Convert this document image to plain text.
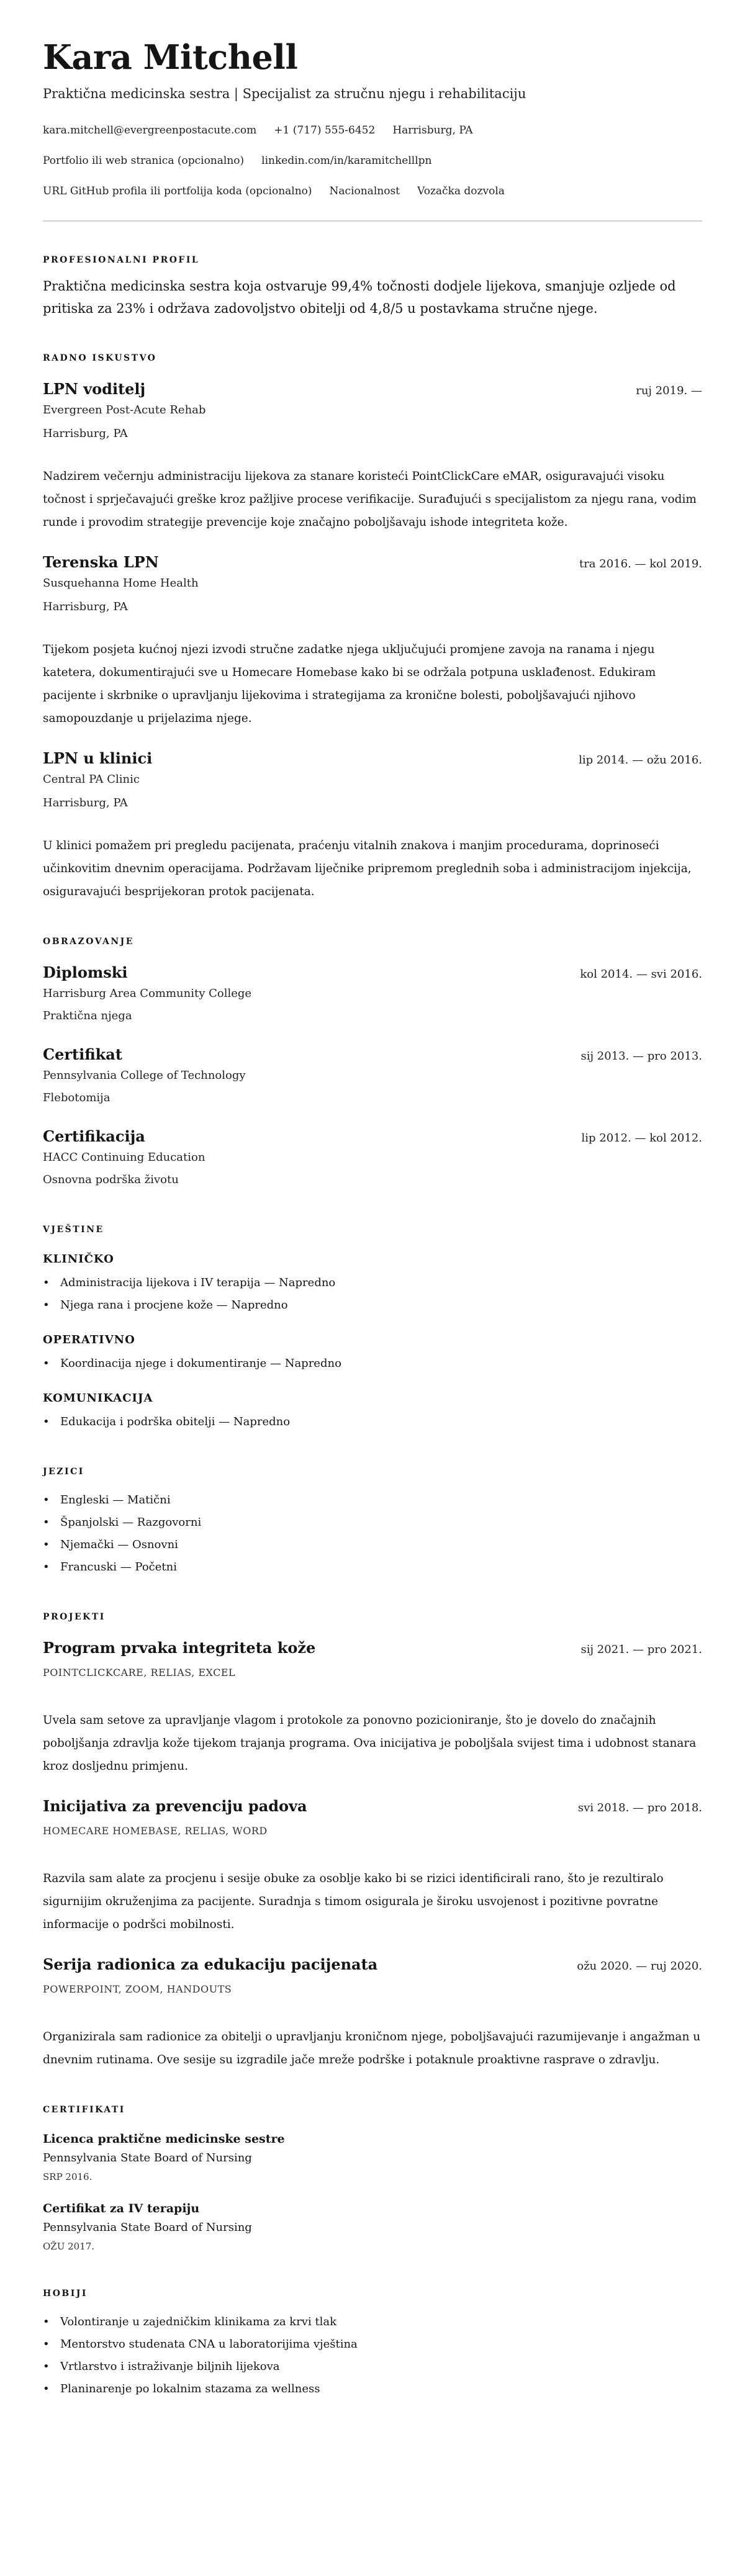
Kara Mitchell
Praktična medicinska sestra | Specijalist za stručnu njegu i rehabilitaciju
kara.mitchell@evergreenpostacute.com +1 (717) 555-6452 Harrisburg, PA
Portfolio ili web stranica (opcionalno) linkedin.com/in/karamitchelllpn
URL GitHub profila ili portfolija koda (opcionalno) Nacionalnost Vozačka dozvola
PROFESIONALNI PROFIL

Praktična medicinska sestra koja ostvaruje 99,4% točnosti dodjele lijekova, smanjuje ozljede od pritiska za 23% i održava zadovoljstvo obitelji od 4,8/5 u postavkama stručne njege.

RADNO ISKUSTVO
LPN voditelj	ruj 2019. —
Evergreen Post-Acute Rehab
Harrisburg, PA
Nadzirem večernju administraciju lijekova za stanare koristeći PointClickCare eMAR, osiguravajući visoku točnost i sprječavajući greške kroz pažljive procese verifikacije. Surađujući s specijalistom za njegu rana, vodim runde i provodim strategije prevencije koje značajno poboljšavaju ishode integriteta kože.
Terenska LPN	tra 2016. — kol 2019.
Susquehanna Home Health
Harrisburg, PA
Tijekom posjeta kućnoj njezi izvodi stručne zadatke njega uključujući promjene zavoja na ranama i njegu katetera, dokumentirajući sve u Homecare Homebase kako bi se održala potpuna usklađenost. Edukiram pacijente i skrbnike o upravljanju lijekovima i strategijama za kronične bolesti, poboljšavajući njihovo samopouzdanje u prijelazima njege.
LPN u klinici	lip 2014. — ožu 2016.
Central PA Clinic
Harrisburg, PA
U klinici pomažem pri pregledu pacijenata, praćenju vitalnih znakova i manjim procedurama, doprinoseći učinkovitim dnevnim operacijama. Podržavam liječnike pripremom preglednih soba i administracijom injekcija, osiguravajući besprijekoran protok pacijenata.
OBRAZOVANJE
Diplomski	kol 2014. — svi 2016.
Harrisburg Area Community College
Praktična njega
Certifikat	sij 2013. — pro 2013.
Pennsylvania College of Technology
Flebotomija
Certifikacija	lip 2012. — kol 2012.
HACC Continuing Education
Osnovna podrška životu
VJEŠTINE
KLINIČKO
• Administracija lijekova i IV terapija — Napredno
• Njega rana i procjene kože — Napredno
OPERATIVNO
• Koordinacija njege i dokumentiranje — Napredno
KOMUNIKACIJA
• Edukacija i podrška obitelji — Napredno
JEZICI
• Engleski — Matični
• Španjolski — Razgovorni
• Njemački — Osnovni
• Francuski — Početni
PROJEKTI
Program prvaka integriteta kože	sij 2021. — pro 2021.
POINTCLICKCARE, RELIAS, EXCEL
Uvela sam setove za upravljanje vlagom i protokole za ponovno pozicioniranje, što je dovelo do značajnih poboljšanja zdravlja kože tijekom trajanja programa. Ova inicijativa je poboljšala svijest tima i udobnost stanara kroz dosljednu primjenu.
Inicijativa za prevenciju padova	svi 2018. — pro 2018.
HOMECARE HOMEBASE, RELIAS, WORD
Razvila sam alate za procjenu i sesije obuke za osoblje kako bi se rizici identificirali rano, što je rezultiralo sigurnijim okruženjima za pacijente. Suradnja s timom osigurala je široku usvojenost i pozitivne povratne informacije o podršci mobilnosti.
Serija radionica za edukaciju pacijenata	ožu 2020. — ruj 2020.
POWERPOINT, ZOOM, HANDOUTS
Organizirala sam radionice za obitelji o upravljanju kroničnom njege, poboljšavajući razumijevanje i angažman u dnevnim rutinama. Ove sesije su izgradile jače mreže podrške i potaknule proaktivne rasprave o zdravlju.
CERTIFIKATI
Licenca praktične medicinske sestre
Pennsylvania State Board of Nursing
SRP 2016.
Certifikat za IV terapiju
Pennsylvania State Board of Nursing
OŽU 2017.
HOBIJI
• Volontiranje u zajedničkim klinikama za krvi tlak
• Mentorstvo studenata CNA u laboratorijima vještina
• Vrtlarstvo i istraživanje biljnih lijekova
• Planinarenje po lokalnim stazama za wellness
